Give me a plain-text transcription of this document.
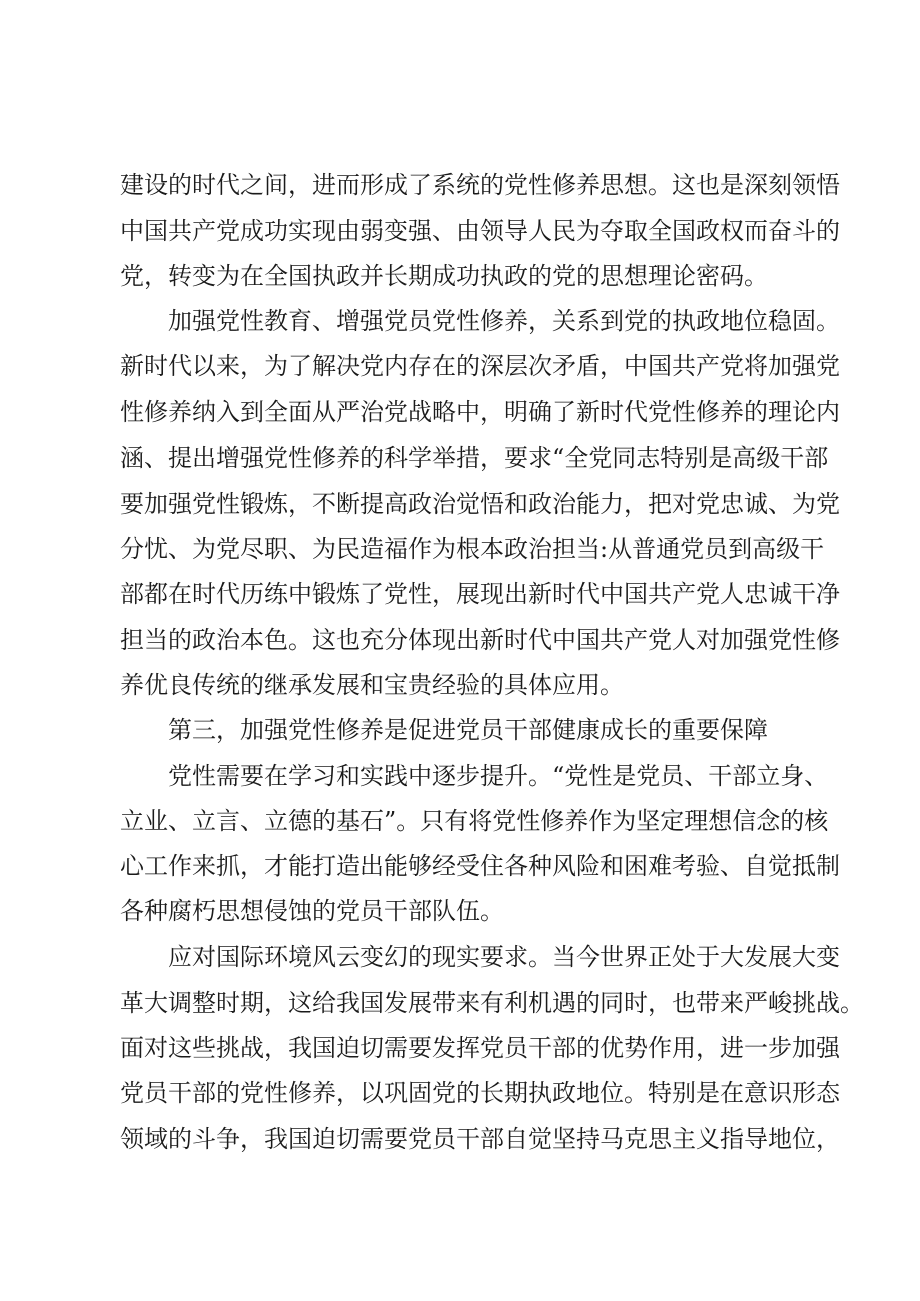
建设的时代之间，进而形成了系统的党性修养思想。这也是深刻领悟
中国共产党成功实现由弱变强、由领导人民为夺取全国政权而奋斗的
党，转变为在全国执政并长期成功执政的党的思想理论密码。
加强党性教育、增强党员党性修养，关系到党的执政地位稳固。
新时代以来，为了解决党内存在的深层次矛盾，中国共产党将加强党
性修养纳入到全面从严治党战略中，明确了新时代党性修养的理论内
涵、提出增强党性修养的科学举措，要求“全党同志特别是高级干部
要加强党性锻炼，不断提高政治觉悟和政治能力，把对党忠诚、为党
分忧、为党尽职、为民造福作为根本政治担当:从普通党员到高级干
部都在时代历练中锻炼了党性，展现出新时代中国共产党人忠诚干净
担当的政治本色。这也充分体现出新时代中国共产党人对加强党性修
养优良传统的继承发展和宝贵经验的具体应用。
第三，加强党性修养是促进党员干部健康成长的重要保障
党性需要在学习和实践中逐步提升。“党性是党员、干部立身、
立业、立言、立德的基石”。只有将党性修养作为坚定理想信念的核
心工作来抓，才能打造出能够经受住各种风险和困难考验、自觉抵制
各种腐朽思想侵蚀的党员干部队伍。
应对国际环境风云变幻的现实要求。当今世界正处于大发展大变
革大调整时期，这给我国发展带来有利机遇的同时，也带来严峻挑战。
面对这些挑战，我国迫切需要发挥党员干部的优势作用，进一步加强
党员干部的党性修养，以巩固党的长期执政地位。特别是在意识形态
领域的斗争，我国迫切需要党员干部自觉坚持马克思主义指导地位，
